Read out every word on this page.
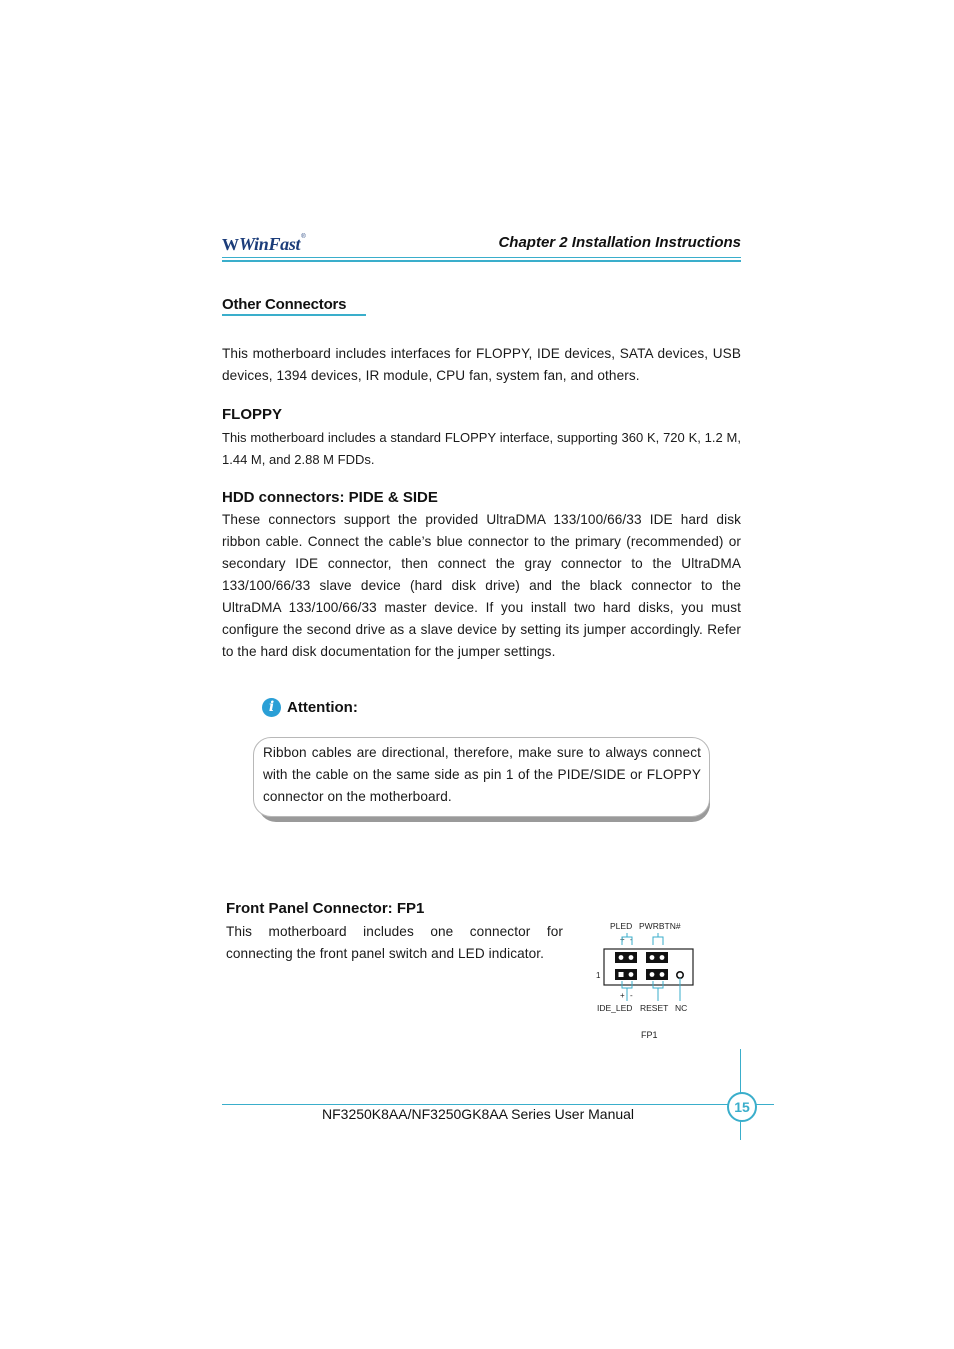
WWinFast®	Chapter 2 Installation Instructions
Other Connectors
This motherboard includes interfaces for FLOPPY, IDE devices, SATA devices, USB devices, 1394 devices, IR module, CPU fan, system fan, and others.
FLOPPY
This motherboard includes a standard FLOPPY interface, supporting 360 K, 720 K, 1.2 M, 1.44 M, and 2.88 M FDDs.
HDD connectors: PIDE & SIDE
These connectors support the provided UltraDMA 133/100/66/33 IDE hard disk ribbon cable. Connect the cable’s blue connector to the primary (recommended) or secondary IDE connector, then connect the gray connector to the UltraDMA 133/100/66/33 slave device (hard disk drive) and the black connector to the UltraDMA 133/100/66/33 master device. If you install two hard disks, you must configure the second drive as a slave device by setting its jumper accordingly. Refer to the hard disk documentation for the jumper settings.
i Attention:
Ribbon cables are directional, therefore, make sure to always connect with the cable on the same side as pin 1 of the PIDE/SIDE or FLOPPY connector on the motherboard.
Front Panel Connector: FP1
This motherboard includes one connector for connecting the front panel switch and LED indicator.
PLED PWRBTN#
+ -
1
+ -
IDE_LED RESET NC
FP1
NF3250K8AA/NF3250GK8AA Series User Manual	15
